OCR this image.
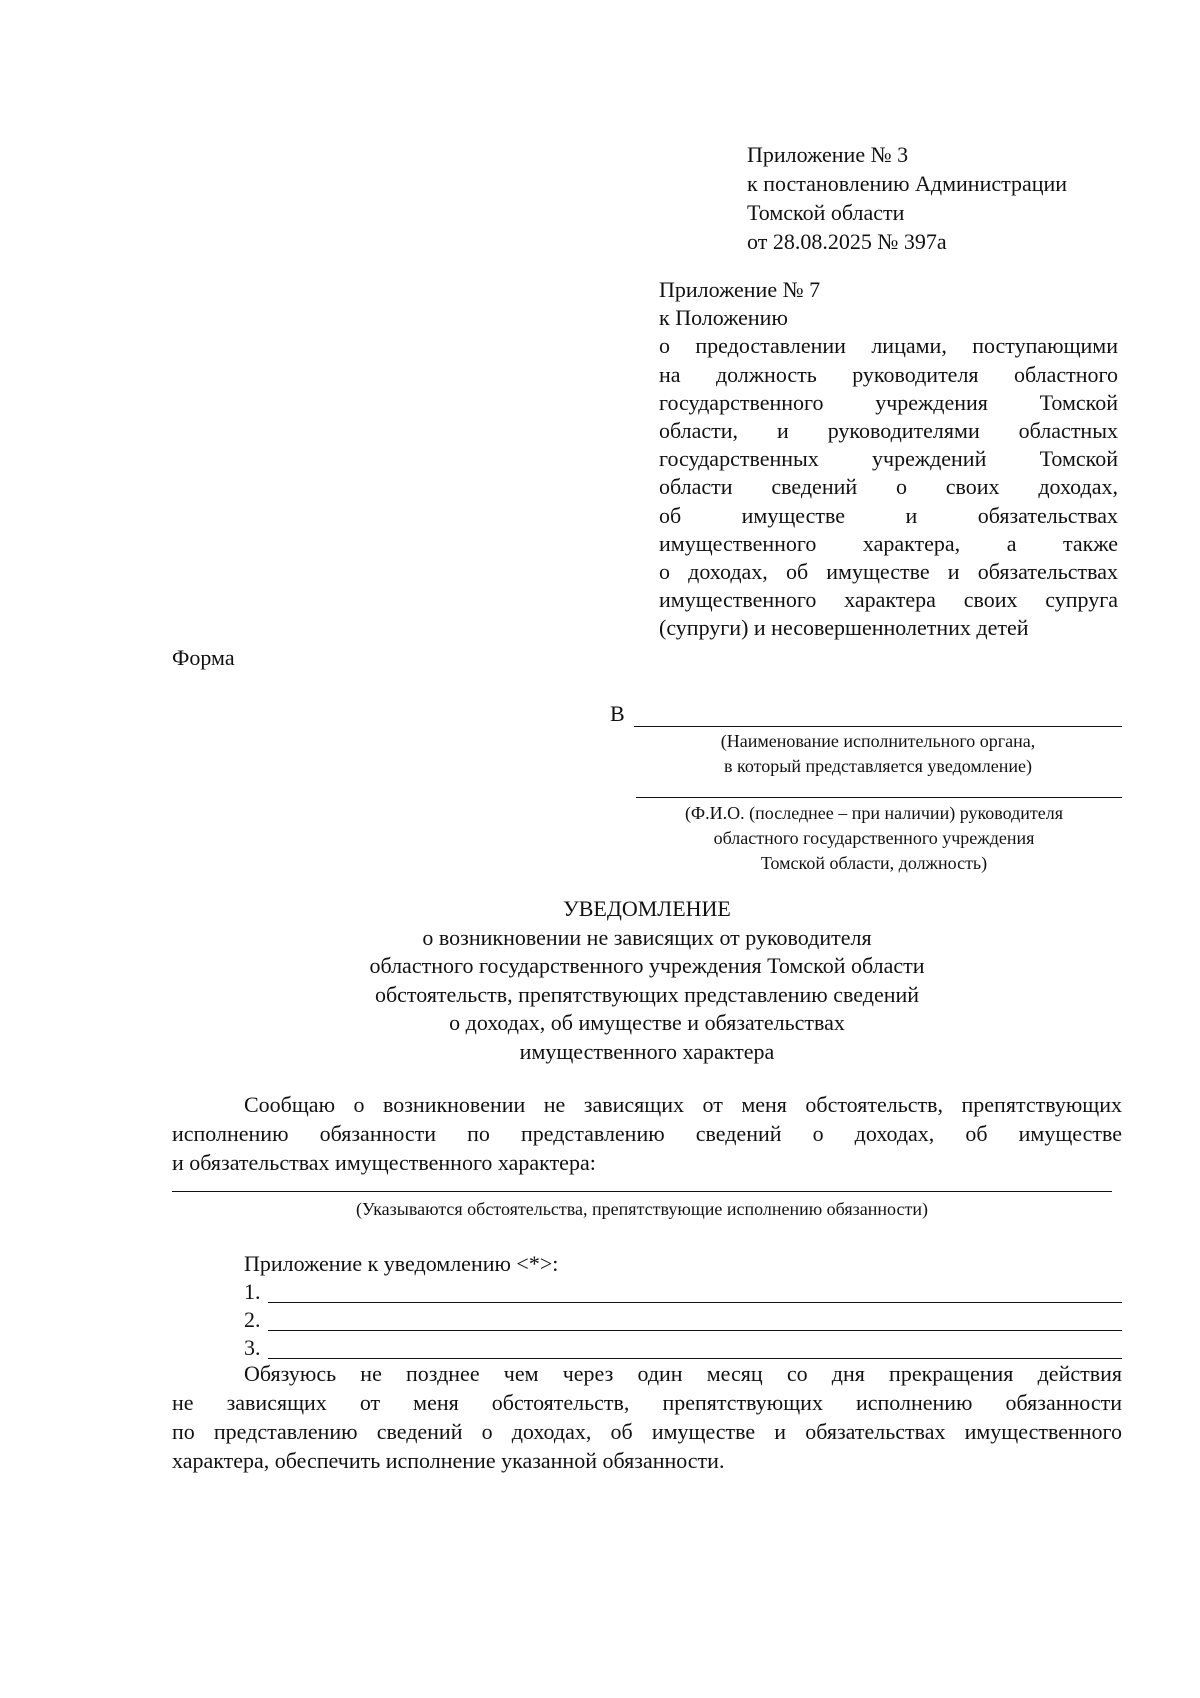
Приложение № 3
к постановлению Администрации
Томской области
от 28.08.2025 № 397а
Приложение № 7
к Положению
о предоставлении лицами, поступающими
на должность руководителя областного
государственного учреждения Томской
области, и руководителями областных
государственных учреждений Томской
области сведений о своих доходах,
об имуществе и обязательствах
имущественного характера, а также
о доходах, об имуществе и обязательствах
имущественного характера своих супруга
(супруги) и несовершеннолетних детей
Форма
В
(Наименование исполнительного органа,
в который представляется уведомление)
(Ф.И.О. (последнее – при наличии) руководителя
областного государственного учреждения
Томской области, должность)
УВЕДОМЛЕНИЕ
о возникновении не зависящих от руководителя
областного государственного учреждения Томской области
обстоятельств, препятствующих представлению сведений
о доходах, об имуществе и обязательствах
имущественного характера
Сообщаю о возникновении не зависящих от меня обстоятельств, препятствующих
исполнению обязанности по представлению сведений о доходах, об имуществе
и обязательствах имущественного характера:
(Указываются обстоятельства, препятствующие исполнению обязанности)
Приложение к уведомлению <*>:
1.
2.
3.
Обязуюсь не позднее чем через один месяц со дня прекращения действия
не зависящих от меня обстоятельств, препятствующих исполнению обязанности
по представлению сведений о доходах, об имуществе и обязательствах имущественного
характера, обеспечить исполнение указанной обязанности.
